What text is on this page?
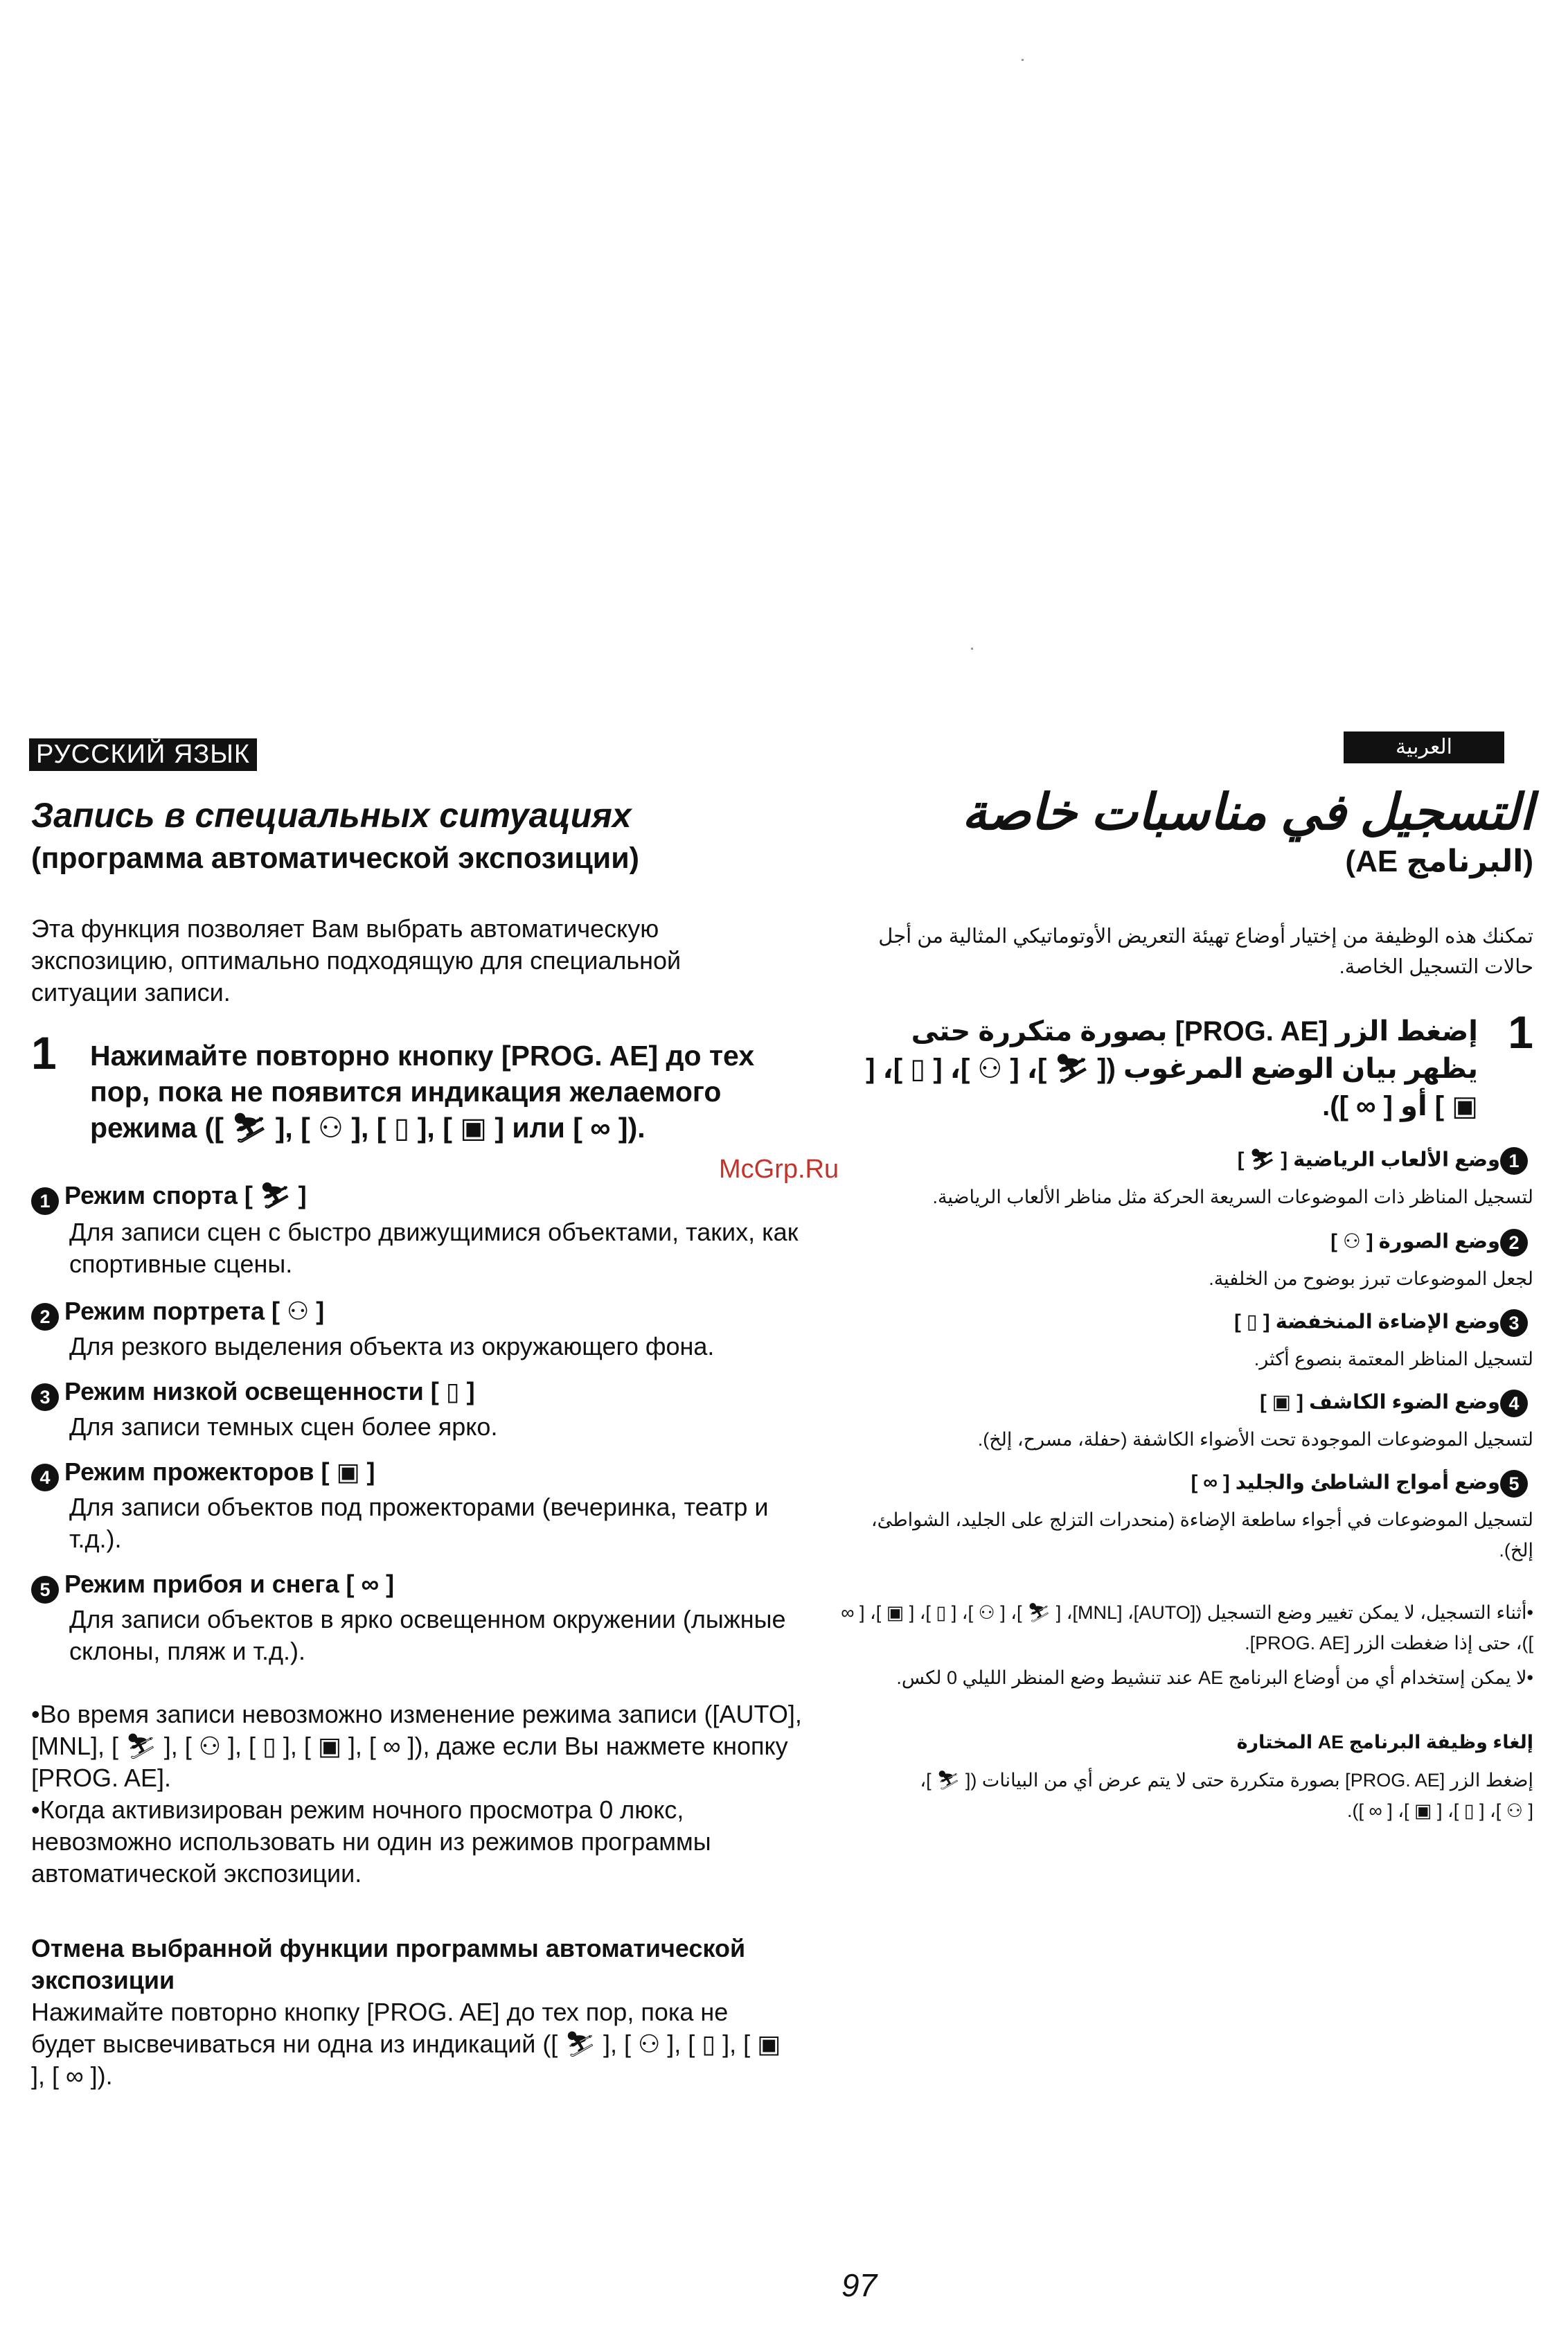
РУССКИЙ ЯЗЫК
Запись в специальных ситуациях
(программа автоматической экспозиции)
Эта функция позволяет Вам выбрать автоматическую экспозицию, оптимально подходящую для специальной ситуации записи.
1 Нажимайте повторно кнопку [PROG. AE] до тех пор, пока не появится индикация желаемого режима ([ ⛷ ], [ ⚇ ], [ ▯ ], [ ▣ ] или [ ∞ ]).
1 Режим спорта [ ⛷ ]
Для записи сцен с быстро движущимися объектами, таких, как спортивные сцены.
2 Режим портрета [ ⚇ ]
Для резкого выделения объекта из окружающего фона.
3 Режим низкой освещенности [ ▯ ]
Для записи темных сцен более ярко.
4 Режим прожекторов [ ▣ ]
Для записи объектов под прожекторами (вечеринка, театр и т.д.).
5 Режим прибоя и снега [ ∞ ]
Для записи объектов в ярко освещенном окружении (лыжные склоны, пляж и т.д.).
•Во время записи невозможно изменение режима записи ([AUTO], [MNL], [ ⛷ ], [ ⚇ ], [ ▯ ], [ ▣ ], [ ∞ ]), даже если Вы нажмете кнопку [PROG. AE].
•Когда активизирован режим ночного просмотра 0 люкс, невозможно использовать ни один из режимов программы автоматической экспозиции.
Отмена выбранной функции программы автоматической экспозиции
Нажимайте повторно кнопку [PROG. AE] до тех пор, пока не будет высвечиваться ни одна из индикаций ([ ⛷ ], [ ⚇ ], [ ▯ ], [ ▣ ], [ ∞ ]).
McGrp.Ru
العربية
التسجيل في مناسبات خاصة
(البرنامج AE)
تمكنك هذه الوظيفة من إختيار أوضاع تهيئة التعريض الأوتوماتيكي المثالية من أجل حالات التسجيل الخاصة.
1
إضغط الزر [PROG. AE] بصورة متكررة حتى يظهر بيان الوضع المرغوب ([ ⛷ ]، [ ⚇ ]، [ ▯ ]، [ ▣ ] أو [ ∞ ]).
1وضع الألعاب الرياضية [ ⛷ ]
لتسجيل المناظر ذات الموضوعات السريعة الحركة مثل مناظر الألعاب الرياضية.
2وضع الصورة [ ⚇ ]
لجعل الموضوعات تبرز بوضوح من الخلفية.
3وضع الإضاءة المنخفضة [ ▯ ]
لتسجيل المناظر المعتمة بنصوع أكثر.
4وضع الضوء الكاشف [ ▣ ]
لتسجيل الموضوعات الموجودة تحت الأضواء الكاشفة (حفلة، مسرح، إلخ).
5وضع أمواج الشاطئ والجليد [ ∞ ]
لتسجيل الموضوعات في أجواء ساطعة الإضاءة (منحدرات التزلج على الجليد، الشواطئ، إلخ).
•أثناء التسجيل، لا يمكن تغيير وضع التسجيل ([AUTO]، [MNL]، [ ⛷ ]، [ ⚇ ]، [ ▯ ]، [ ▣ ]، [ ∞ ])، حتى إذا ضغطت الزر [PROG. AE].
•لا يمكن إستخدام أي من أوضاع البرنامج AE عند تنشيط وضع المنظر الليلي 0 لكس.
إلغاء وظيفة البرنامج AE المختارة
إضغط الزر [PROG. AE] بصورة متكررة حتى لا يتم عرض أي من البيانات ([ ⛷ ]، [ ⚇ ]، [ ▯ ]، [ ▣ ]، [ ∞ ]).
97
